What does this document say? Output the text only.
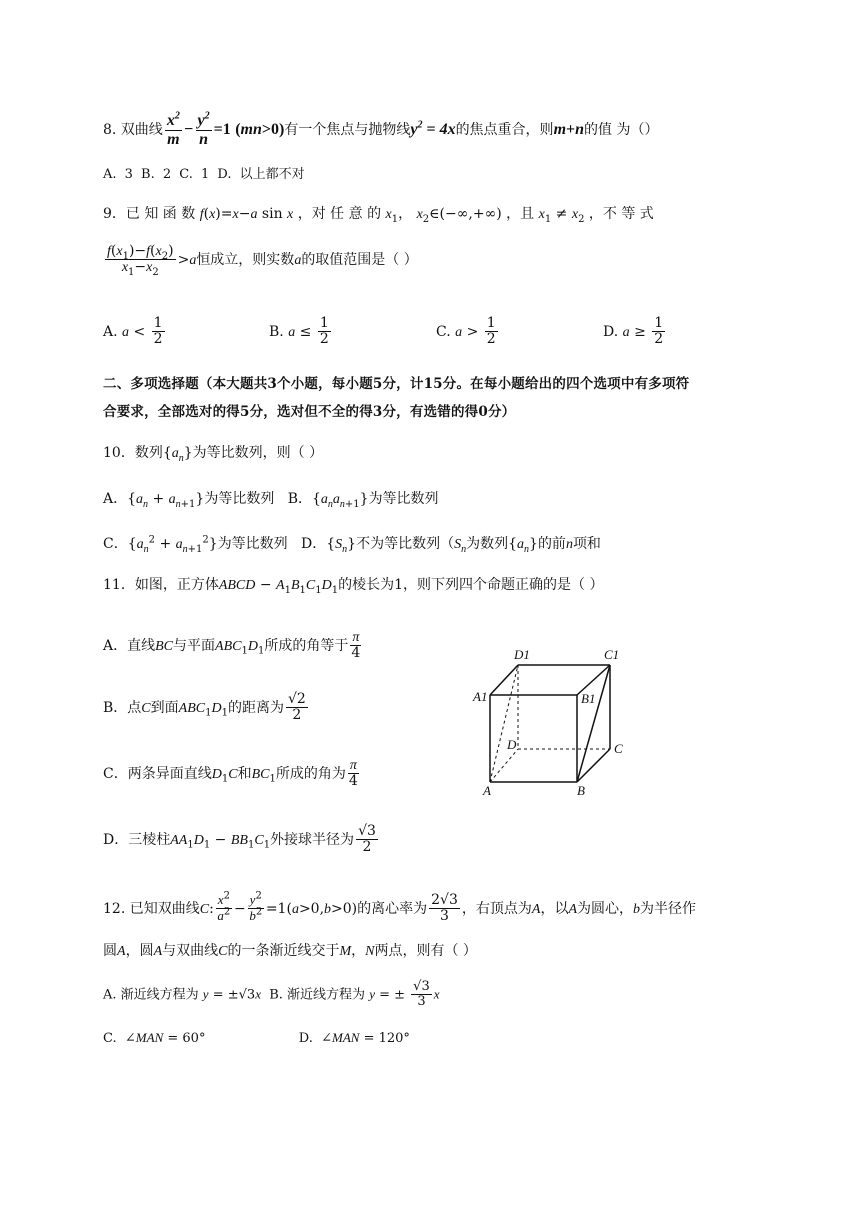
8. 双曲线 $\frac{x^2}{m} - \frac{y^2}{n} =1$ (mn>0)有一个焦点与抛物线$y^2 = 4x$的焦点重合，则m+n的值 为（）
A. 3 B. 2 C. 1 D. 以上都不对
9．已 知 函 数 f(x)=x−a sin x ，对 任 意 的 $x_1$， $x_2\in(-\infty,+\infty)$ ，且 $x_1 \ne x_2$ ，不 等 式
$\frac{f(x_1)-f(x_2)}{x_1-x_2} >a$恒成立，则实数a的取值范围是（ ）
A. $a < \frac{1}{2}$	B. $a \le \frac{1}{2}$	C. $a > \frac{1}{2}$	D. $a \ge \frac{1}{2}$
二、多项选择题（本大题共3个小题，每小题5分，计15分。在每小题给出的四个选项中有多项符
合要求，全部选对的得5分，选对但不全的得3分，有选错的得0分）
10．数列$\{a_n\}$为等比数列，则（ ）
A．$\{a_n + a_{n+1}\}$为等比数列   B．$\{a_na_{n+1}\}$为等比数列
C．$\{a_n^2 + a_{n+1}^2\}$为等比数列   D．$\{S_n\}$不为等比数列（$S_n$为数列$\{a_n\}$的前n项和
11．如图，正方体ABCD − $A_1B_1C_1D_1$的棱长为1，则下列四个命题正确的是（ ）
A．直线BC与平面$ABC_1D_1$所成的角等于 $\frac{\pi}{4}$
B．点C到面$ABC_1D_1$的距离为 $\frac{√2}{2}$
C．两条异面直线$D_1C$和$BC_1$所成的角为 $\frac{\pi}{4}$
D．三棱柱$AA_1D_1 - BB_1C_1$外接球半径为 $\frac{√3}{2}$
D1	C1
A1	B1
D	C
A	B
12. 已知双曲线C: $\frac{x^2}{a^2} - \frac{y^2}{b^2} =1(a>0,b>0)$的离心率为 $\frac{2√3}{3}$ ，右顶点为A，以A为圆心，b为半径作
圆A，圆A与双曲线C的一条渐近线交于M，N两点，则有（ ）
A. 渐近线方程为 y = ±√3x B. 渐近线方程为 y = ± $\frac{√3}{3}$ x
C.  ∠MAN = 60°	D.  ∠MAN = 120°
